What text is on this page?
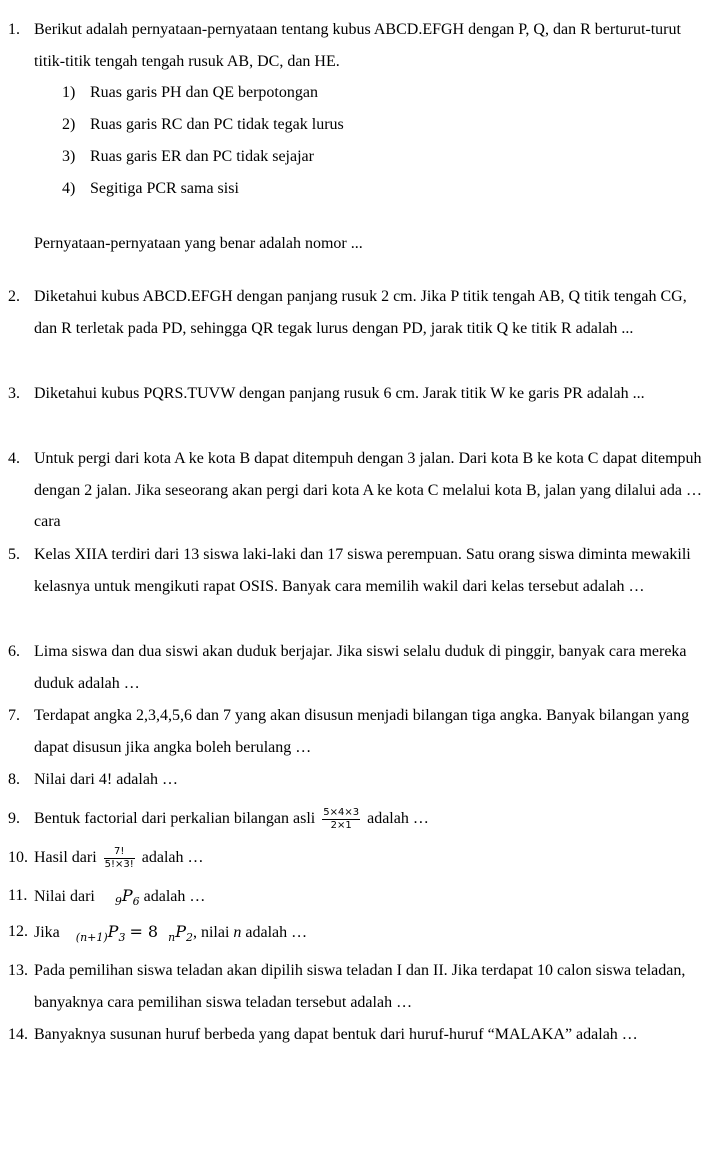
1. Berikut adalah pernyataan-pernyataan tentang kubus ABCD.EFGH dengan P, Q, dan R berturut-turut titik-titik tengah tengah rusuk AB, DC, dan HE.
1) Ruas garis PH dan QE berpotongan
2) Ruas garis RC dan PC tidak tegak lurus
3) Ruas garis ER dan PC tidak sejajar
4) Segitiga PCR sama sisi
Pernyataan-pernyataan yang benar adalah nomor ...
2. Diketahui kubus ABCD.EFGH dengan panjang rusuk 2 cm. Jika P titik tengah AB, Q titik tengah CG, dan R terletak pada PD, sehingga QR tegak lurus dengan PD, jarak titik Q ke titik R adalah ...
3. Diketahui kubus PQRS.TUVW dengan panjang rusuk 6 cm. Jarak titik W ke garis PR adalah ...
4. Untuk pergi dari kota A ke kota B dapat ditempuh dengan 3 jalan. Dari kota B ke kota C dapat ditempuh dengan 2 jalan. Jika seseorang akan pergi dari kota A ke kota C melalui kota B, jalan yang dilalui ada … cara
5. Kelas XIIA terdiri dari 13 siswa laki-laki dan 17 siswa perempuan. Satu orang siswa diminta mewakili kelasnya untuk mengikuti rapat OSIS. Banyak cara memilih wakil dari kelas tersebut adalah …
6. Lima siswa dan dua siswi akan duduk berjajar. Jika siswi selalu duduk di pinggir, banyak cara mereka duduk adalah …
7. Terdapat angka 2,3,4,5,6 dan 7 yang akan disusun menjadi bilangan tiga angka. Banyak bilangan yang dapat disusun jika angka boleh berulang …
8. Nilai dari 4! adalah …
9. Bentuk factorial dari perkalian bilangan asli $\frac{5\times 4\times 3}{2\times 1}$ adalah …
10. Hasil dari $\frac{7!}{5!\times 3!}$ adalah …
11. Nilai dari $_9P_6$ adalah …
12. Jika $_{(n+1)}P_3 = 8$ $_nP_2$, nilai n adalah …
13. Pada pemilihan siswa teladan akan dipilih siswa teladan I dan II. Jika terdapat 10 calon siswa teladan, banyaknya cara pemilihan siswa teladan tersebut adalah …
14. Banyaknya susunan huruf berbeda yang dapat bentuk dari huruf-huruf “MALAKA” adalah …
